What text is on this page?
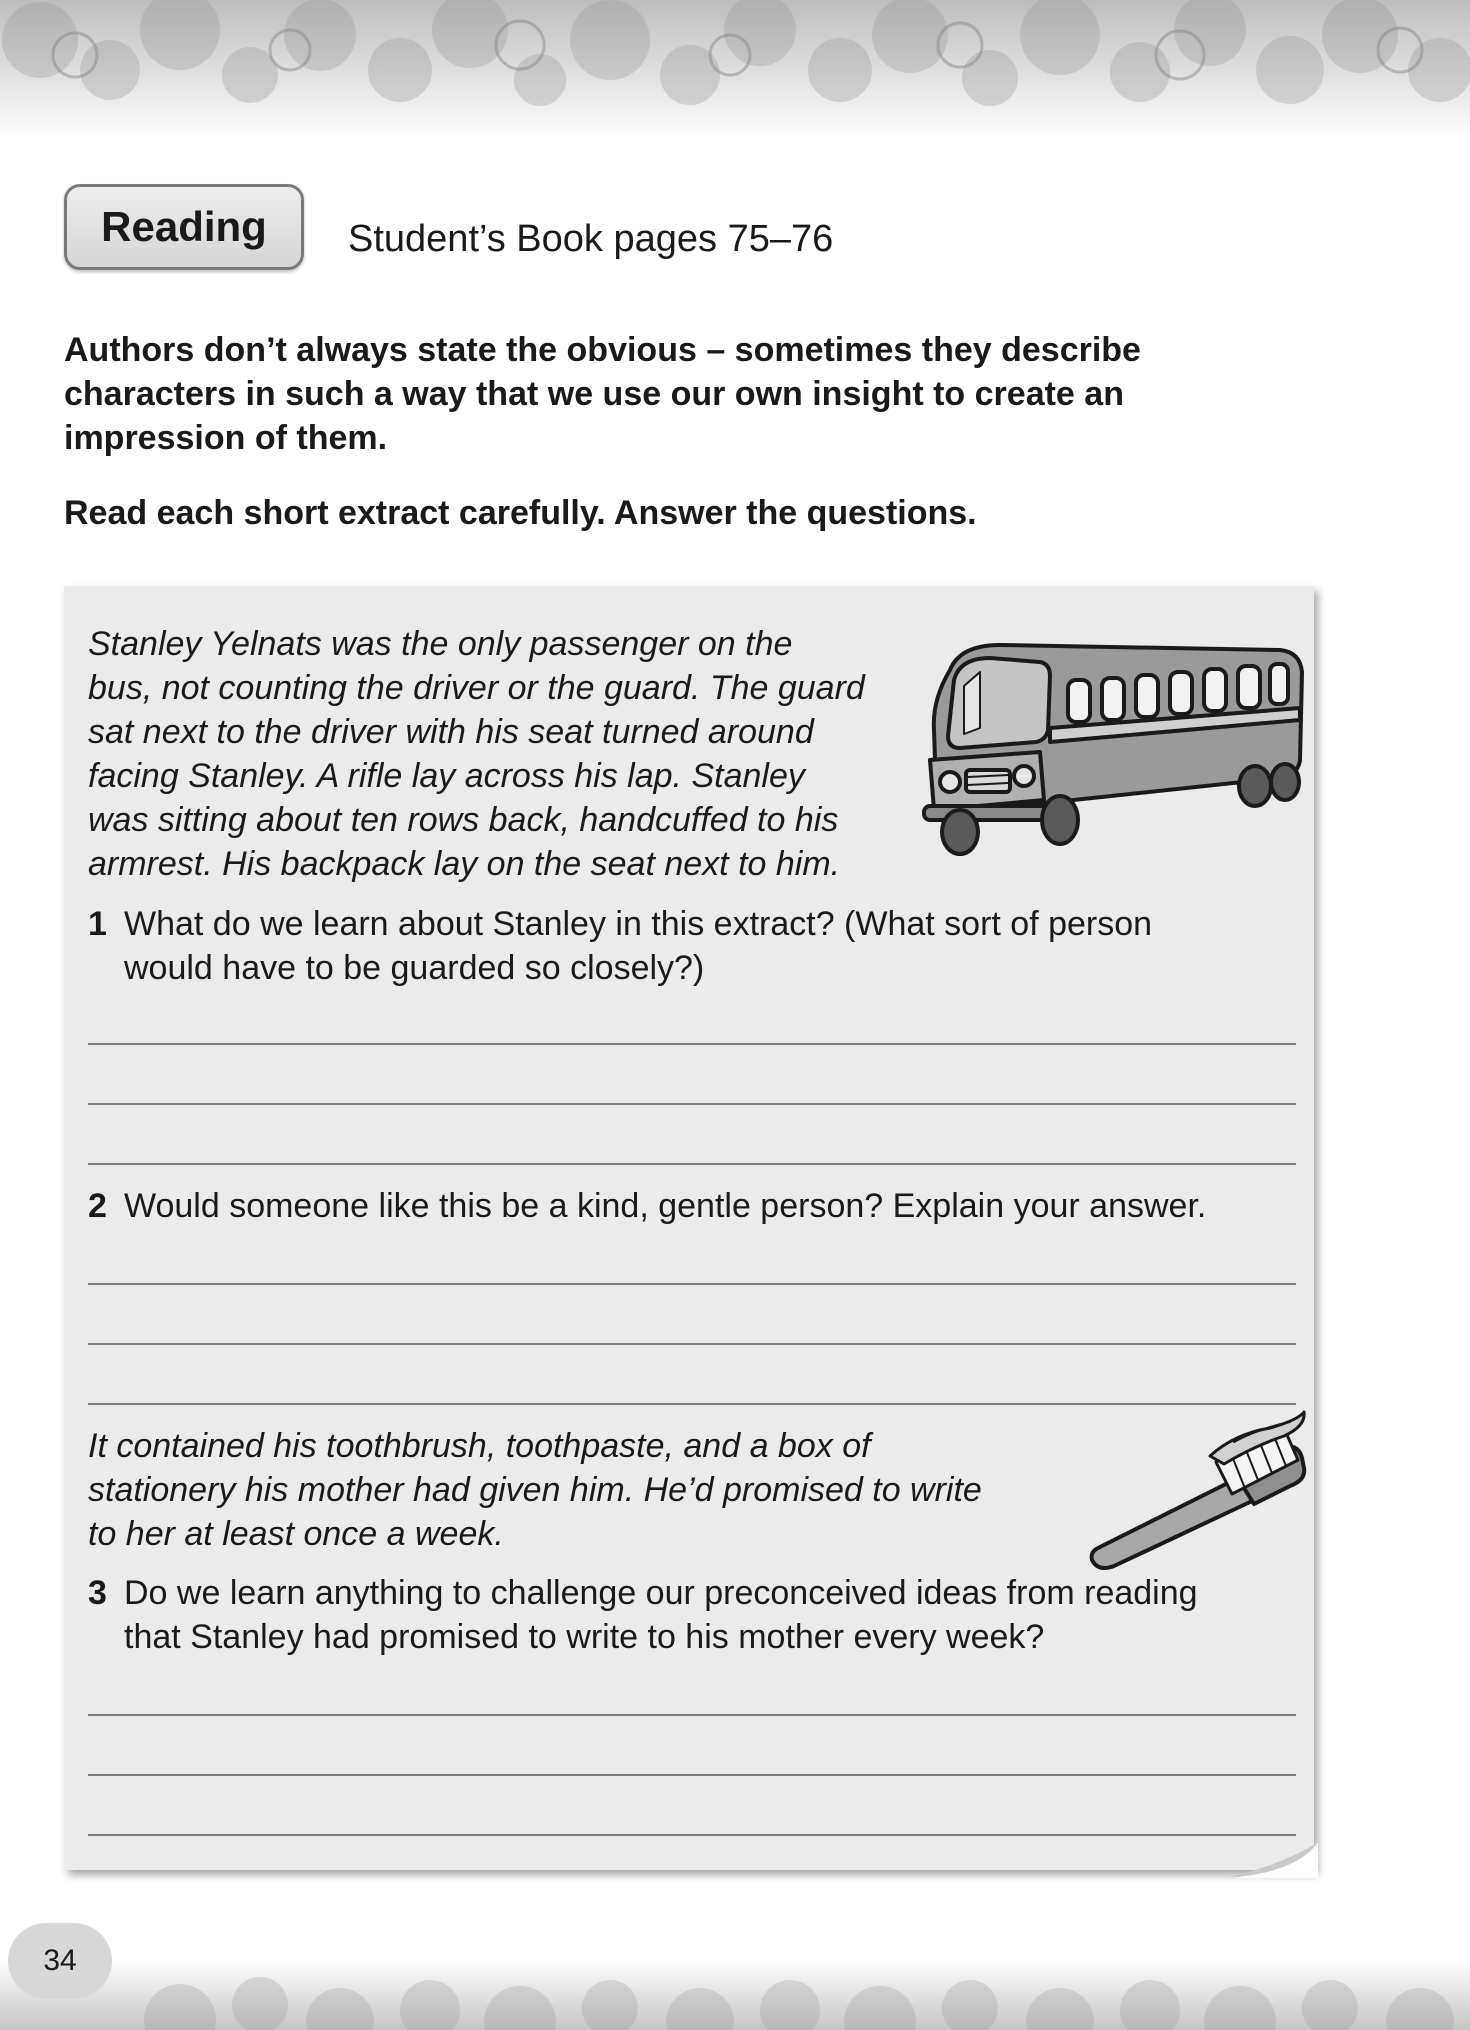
Reading Student’s Book pages 75–76

Authors don’t always state the obvious – sometimes they describe characters in such a way that we use our own insight to create an impression of them.

Read each short extract carefully. Answer the questions.

Stanley Yelnats was the only passenger on the
bus, not counting the driver or the guard. The guard
sat next to the driver with his seat turned around
facing Stanley. A rifle lay across his lap. Stanley
was sitting about ten rows back, handcuffed to his
armrest. His backpack lay on the seat next to him.
1 What do we learn about Stanley in this extract? (What sort of person
would have to be guarded so closely?)
2 Would someone like this be a kind, gentle person? Explain your answer.
It contained his toothbrush, toothpaste, and a box of
stationery his mother had given him. He’d promised to write
to her at least once a week.
3 Do we learn anything to challenge our preconceived ideas from reading
that Stanley had promised to write to his mother every week?
34
